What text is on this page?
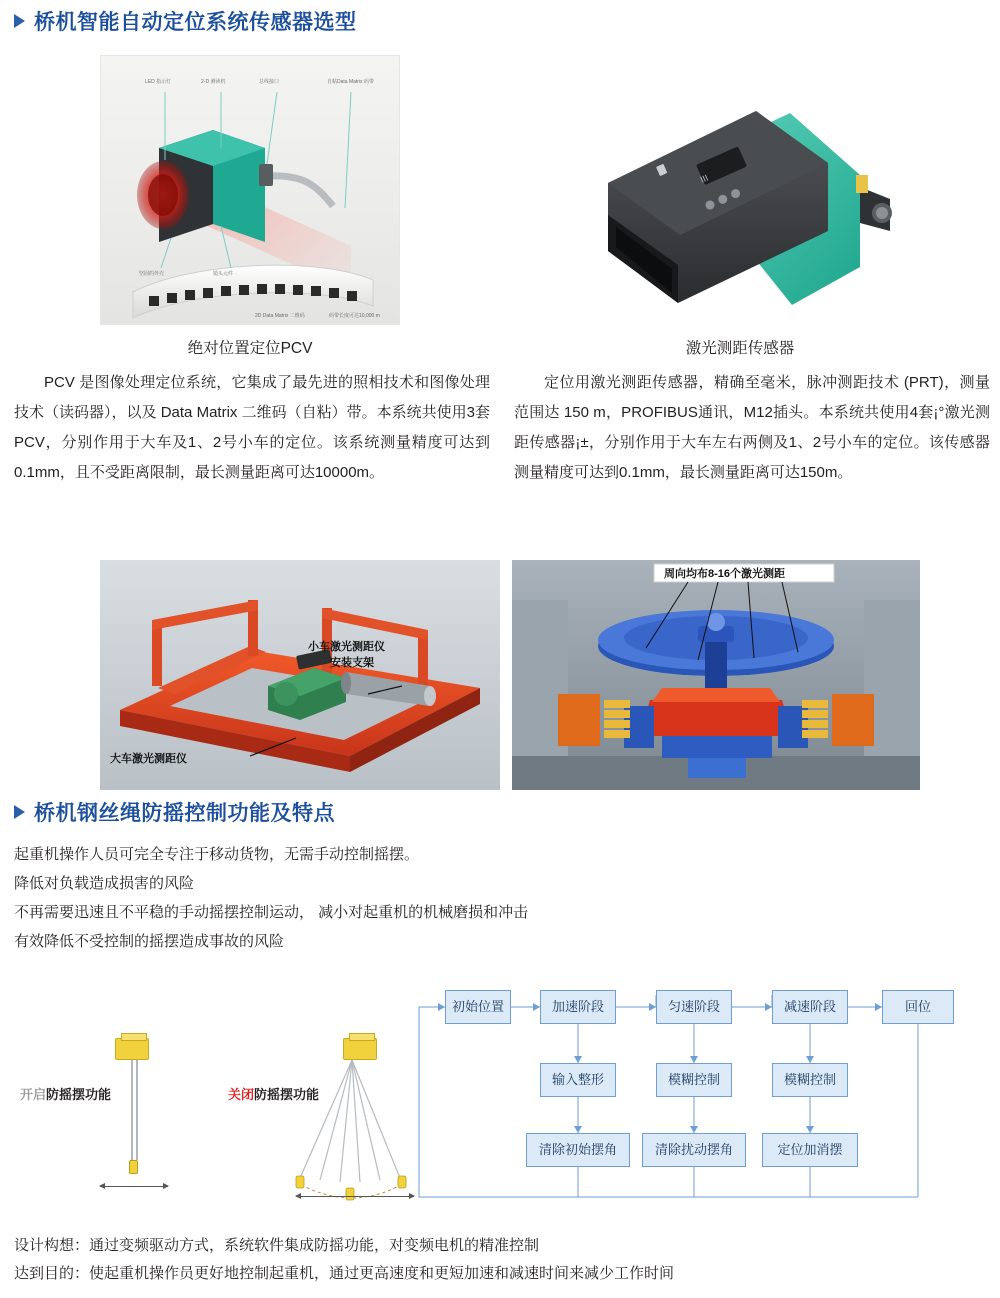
桥机智能自动定位系统传感器选型
LED 指示灯	2-D 测读机	总线接口	自粘Data Matrix 码带
坚固的外壳	镜头元件
2D Data Matrix 二维码	码带长度可达10,000 m
III
绝对位置定位PCV	激光测距传感器

PCV 是图像处理定位系统，它集成了最先进的照相技术和图像处理技术（读码器），以及 Data Matrix 二维码（自粘）带。本系统共使用3套PCV，分别作用于大车及1、2号小车的定位。该系统测量精度可达到0.1mm，且不受距离限制，最长测量距离可达10000m。

定位用激光测距传感器，精确至毫米，脉冲测距技术 (PRT)，测量范围达 150 m，PROFIBUS通讯，M12插头。本系统共使用4套¡°激光测距传感器¡±，分别作用于大车左右两侧及1、2号小车的定位。该传感器测量精度可达到0.1mm，最长测量距离可达150m。

小车激光测距仪
安装支架
大车激光测距仪
周向均布8-16个激光测距
桥机钢丝绳防摇控制功能及特点
起重机操作人员可完全专注于移动货物，无需手动控制摇摆。
降低对负载造成损害的风险
不再需要迅速且不平稳的手动摇摆控制运动， 减小对起重机的机械磨损和冲击
有效降低不受控制的摇摆造成事故的风险
开启防摇摆功能	关闭防摇摆功能
初始位置	加速阶段	匀速阶段	减速阶段	回位
输入整形	模糊控制	模糊控制
清除初始摆角	清除扰动摆角	定位加消摆
设计构想：通过变频驱动方式，系统软件集成防摇功能，对变频电机的精准控制
达到目的：使起重机操作员更好地控制起重机，通过更高速度和更短加速和减速时间来减少工作时间
